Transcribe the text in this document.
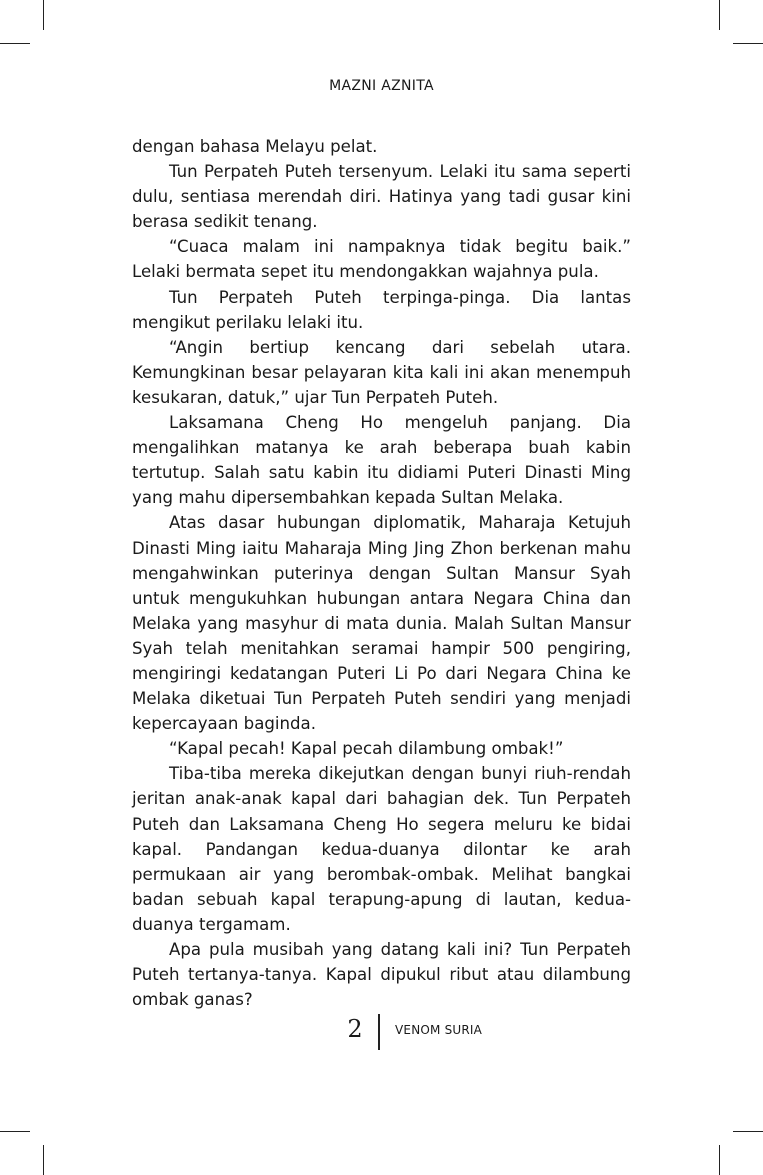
MAZNI AZNITA

dengan bahasa Melayu pelat.

Tun Perpateh Puteh tersenyum. Lelaki itu sama seperti dulu, sentiasa merendah diri. Hatinya yang tadi gusar kini berasa sedikit tenang.

“Cuaca malam ini nampaknya tidak begitu baik.” Lelaki bermata sepet itu mendongakkan wajahnya pula.

Tun Perpateh Puteh terpinga-pinga. Dia lantas mengikut perilaku lelaki itu.

“Angin bertiup kencang dari sebelah utara. Kemungkinan besar pelayaran kita kali ini akan menempuh kesukaran, datuk,” ujar Tun Perpateh Puteh.

Laksamana Cheng Ho mengeluh panjang. Dia mengalihkan matanya ke arah beberapa buah kabin tertutup. Salah satu kabin itu didiami Puteri Dinasti Ming yang mahu dipersembahkan kepada Sultan Melaka.

Atas dasar hubungan diplomatik, Maharaja Ketujuh Dinasti Ming iaitu Maharaja Ming Jing Zhon berkenan mahu mengahwinkan puterinya dengan Sultan Mansur Syah untuk mengukuhkan hubungan antara Negara China dan Melaka yang masyhur di mata dunia. Malah Sultan Mansur Syah telah menitahkan seramai hampir 500 pengiring, mengiringi kedatangan Puteri Li Po dari Negara China ke Melaka diketuai Tun Perpateh Puteh sendiri yang menjadi kepercayaan baginda.

“Kapal pecah! Kapal pecah dilambung ombak!”

Tiba-tiba mereka dikejutkan dengan bunyi riuh-rendah jeritan anak-anak kapal dari bahagian dek. Tun Perpateh Puteh dan Laksamana Cheng Ho segera meluru ke bidai kapal. Pandangan kedua-duanya dilontar ke arah permukaan air yang berombak-ombak. Melihat bangkai badan sebuah kapal terapung-apung di lautan, kedua-duanya tergamam.

Apa pula musibah yang datang kali ini? Tun Perpateh Puteh tertanya-tanya. Kapal dipukul ribut atau dilambung ombak ganas?

2	VENOM SURIA
